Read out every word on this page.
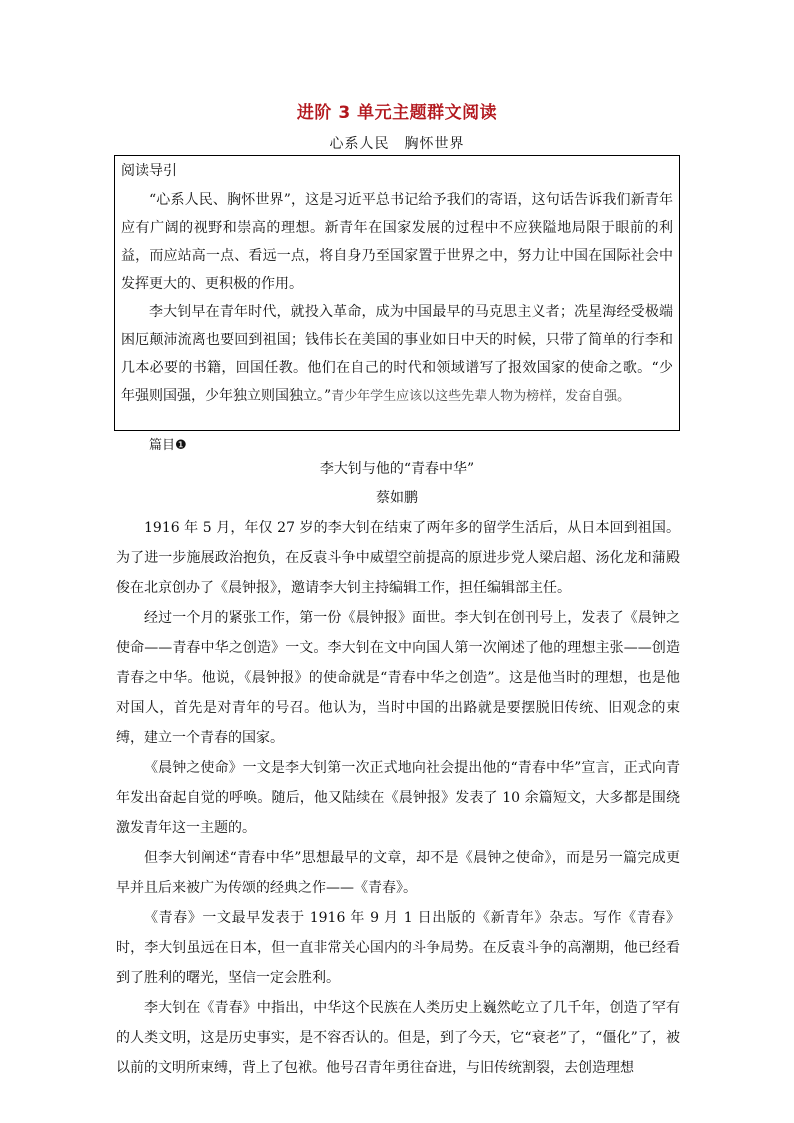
进阶 3 单元主题群文阅读
心系人民　胸怀世界
阅读导引

“心系人民、胸怀世界”，这是习近平总书记给予我们的寄语，这句话告诉我们新青年应有广阔的视野和崇高的理想。新青年在国家发展的过程中不应狭隘地局限于眼前的利益，而应站高一点、看远一点，将自身乃至国家置于世界之中，努力让中国在国际社会中发挥更大的、更积极的作用。

李大钊早在青年时代，就投入革命，成为中国最早的马克思主义者；冼星海经受极端困厄颠沛流离也要回到祖国；钱伟长在美国的事业如日中天的时候，只带了简单的行李和几本必要的书籍，回国任教。他们在自己的时代和领域谱写了报效国家的使命之歌。“少年强则国强，少年独立则国独立。”青少年学生应该以这些先辈人物为榜样，发奋自强。

篇目❶
李大钊与他的“青春中华”
蔡如鹏

1916 年 5 月，年仅 27 岁的李大钊在结束了两年多的留学生活后，从日本回到祖国。为了进一步施展政治抱负，在反袁斗争中威望空前提高的原进步党人梁启超、汤化龙和蒲殿俊在北京创办了《晨钟报》，邀请李大钊主持编辑工作，担任编辑部主任。

经过一个月的紧张工作，第一份《晨钟报》面世。李大钊在创刊号上，发表了《晨钟之使命——青春中华之创造》一文。李大钊在文中向国人第一次阐述了他的理想主张——创造青春之中华。他说，《晨钟报》的使命就是“青春中华之创造”。这是他当时的理想，也是他对国人，首先是对青年的号召。他认为，当时中国的出路就是要摆脱旧传统、旧观念的束缚，建立一个青春的国家。

《晨钟之使命》一文是李大钊第一次正式地向社会提出他的“青春中华”宣言，正式向青年发出奋起自觉的呼唤。随后，他又陆续在《晨钟报》发表了 10 余篇短文，大多都是围绕激发青年这一主题的。

但李大钊阐述“青春中华”思想最早的文章，却不是《晨钟之使命》，而是另一篇完成更早并且后来被广为传颂的经典之作——《青春》。

《青春》一文最早发表于 1916 年 9 月 1 日出版的《新青年》杂志。写作《青春》时，李大钊虽远在日本，但一直非常关心国内的斗争局势。在反袁斗争的高潮期，他已经看到了胜利的曙光，坚信一定会胜利。

李大钊在《青春》中指出，中华这个民族在人类历史上巍然屹立了几千年，创造了罕有的人类文明，这是历史事实，是不容否认的。但是，到了今天，它“衰老”了，“僵化”了，被以前的文明所束缚，背上了包袱。他号召青年勇往奋进，与旧传统割裂，去创造理想
